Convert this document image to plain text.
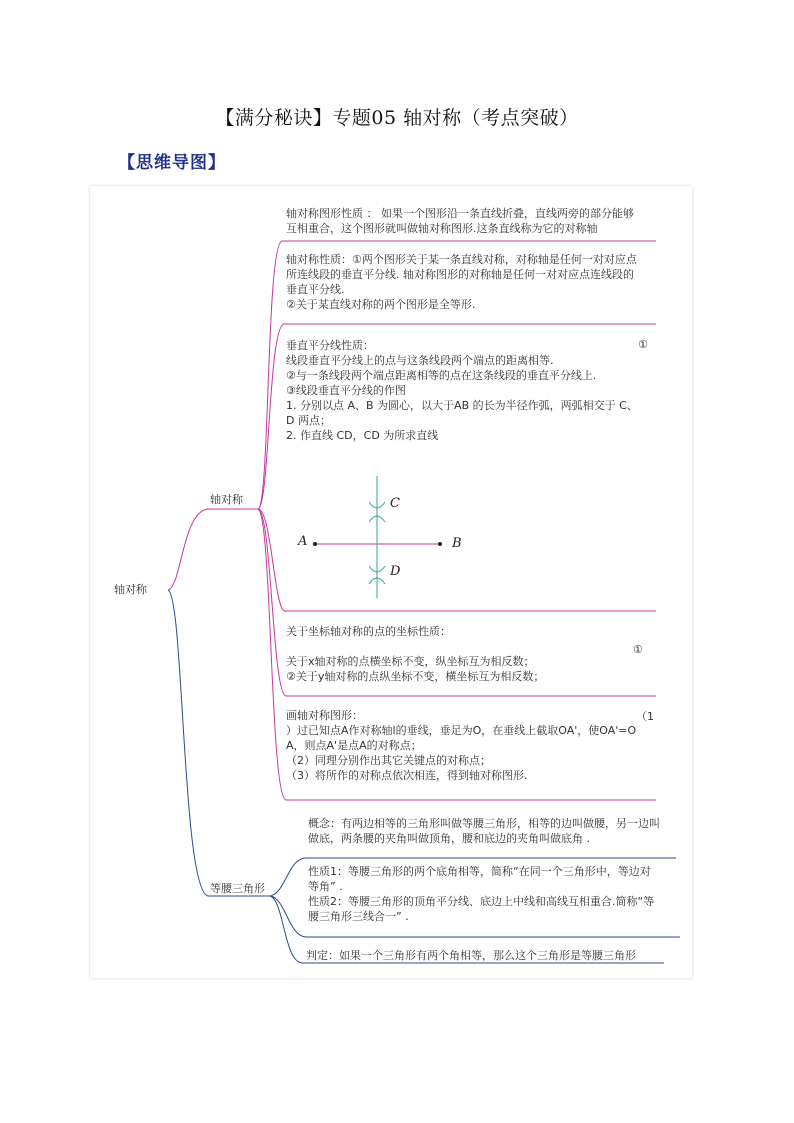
【满分秘诀】专题05 轴对称（考点突破）
【思维导图】
轴对称
轴对称
等腰三角形

轴对称图形性质 ： 如果一个图形沿一条直线折叠，直线两旁的部分能够

互相重合，这个图形就叫做轴对称图形.这条直线称为它的对称轴

轴对称性质：①两个图形关于某一条直线对称，对称轴是任何一对对应点

所连线段的垂直平分线. 轴对称图形的对称轴是任何一对对应点连线段的

垂直平分线.

②关于某直线对称的两个图形是全等形.

垂直平分线性质：

线段垂直平分线上的点与这条线段两个端点的距离相等.

②与一条线段两个端点距离相等的点在这条线段的垂直平分线上.

③线段垂直平分线的作图

1. 分别以点 A、B 为圆心，以大于AB 的长为半径作弧，两弧相交于 C、

D 两点；

2. 作直线 CD，CD 为所求直线

①
A	B
C
D

关于坐标轴对称的点的坐标性质：

关于x轴对称的点横坐标不变，纵坐标互为相反数；

②关于y轴对称的点纵坐标不变，横坐标互为相反数；

①

画轴对称图形：

）过已知点A作对称轴l的垂线，垂足为O，在垂线上截取OA'，使OA'=O

A，则点A'是点A的对称点；

（2）同理分别作出其它关键点的对称点；

（3）将所作的对称点依次相连，得到轴对称图形.

（1

概念：有两边相等的三角形叫做等腰三角形，相等的边叫做腰，另一边叫

做底，两条腰的夹角叫做顶角，腰和底边的夹角叫做底角 .

性质1：等腰三角形的两个底角相等，简称“在同一个三角形中，等边对

等角” .

性质2：等腰三角形的顶角平分线、底边上中线和高线互相重合.简称“等

腰三角形三线合一” .

判定：如果一个三角形有两个角相等，那么这个三角形是等腰三角形
